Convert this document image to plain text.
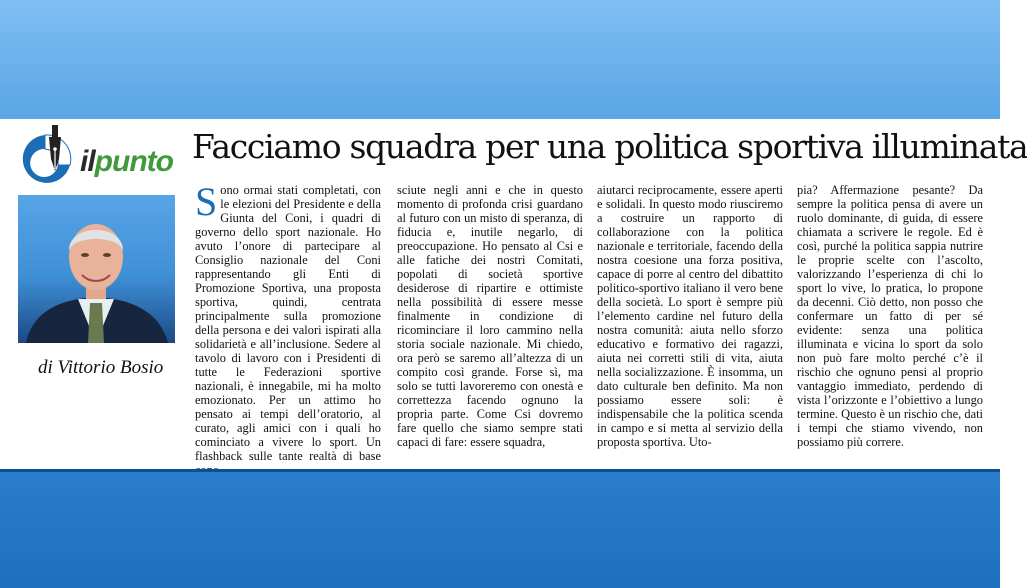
ilpunto
di Vittorio Bosio
Facciamo squadra per una politica sportiva illuminata

Sono ormai stati completati, con le elezioni del Presidente e della Giunta del Coni, i quadri di governo dello sport nazionale. Ho avuto l’onore di partecipare al Consiglio nazionale del Coni rappresentando gli Enti di Promozione Sportiva, una proposta sportiva, quindi, centrata principalmente sulla promozione della persona e dei valori ispirati alla solidarietà e all’inclusione. Sedere al tavolo di lavoro con i Presidenti di tutte le Federazioni sportive nazionali, è innegabile, mi ha molto emozionato. Per un attimo ho pensato ai tempi dell’oratorio, al curato, agli amici con i quali ho cominciato a vivere lo sport. Un flashback sulle tante realtà di base

sciute negli anni e che in questo momento di profonda crisi guardano al futuro con un misto di speranza, di fiducia e, inutile negarlo, di preoccupazione. Ho pensato al Csi e alle fatiche dei nostri Comitati, popolati di società sportive desiderose di ripartire e ottimiste nella possibilità di essere messe finalmente in condizione di ricominciare il loro cammino nella storia sociale nazionale. Mi chiedo, ora però se saremo all’altezza di un compito così grande. Forse sì, ma solo se tutti lavoreremo con onestà e correttezza facendo ognuno la propria parte. Come Csi dovremo fare quello che siamo sempre stati capaci di fare: essere squadra,

aiutarci reciprocamente, essere aperti e solidali. In questo modo riusciremo a costruire un rapporto di collaborazione con la politica nazionale e territoriale, facendo della nostra coesione una forza positiva, capace di porre al centro del dibattito politico-sportivo italiano il vero bene della società. Lo sport è sempre più l’elemento cardine nel futuro della nostra comunità: aiuta nello sforzo educativo e formativo dei ragazzi, aiuta nei corretti stili di vita, aiuta nella socializzazione. È insomma, un dato culturale ben definito. Ma non possiamo essere soli: è indispensabile che la politica scenda in campo e si metta al servizio della proposta sportiva. Uto-

pia? Affermazione pesante? Da sempre la politica pensa di avere un ruolo dominante, di guida, di essere chiamata a scrivere le regole. Ed è così, purché la politica sappia nutrire le proprie scelte con l’ascolto, valorizzando l’esperienza di chi lo sport lo vive, lo pratica, lo propone da decenni. Ciò detto, non posso che confermare un fatto di per sé evidente: senza una politica illuminata e vicina lo sport da solo non può fare molto perché c’è il rischio che ognuno pensi al proprio vantaggio immediato, perdendo di vista l’orizzonte e l’obiettivo a lungo termine. Questo è un rischio che, dati i tempi che stiamo vivendo, non possiamo più correre.
